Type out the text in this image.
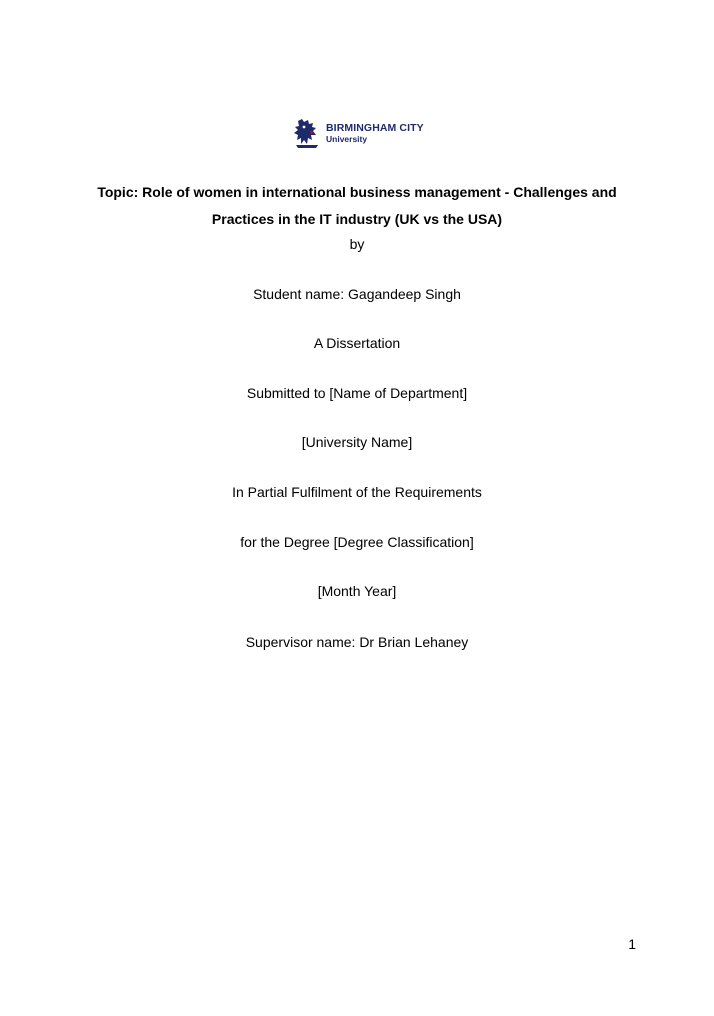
BIRMINGHAM CITY
University
Topic: Role of women in international business management - Challenges and
Practices in the IT industry (UK vs the USA)
by
Student name: Gagandeep Singh
A Dissertation
Submitted to [Name of Department]
[University Name]
In Partial Fulfilment of the Requirements
for the Degree [Degree Classification]
[Month Year]
Supervisor name: Dr Brian Lehaney
1
